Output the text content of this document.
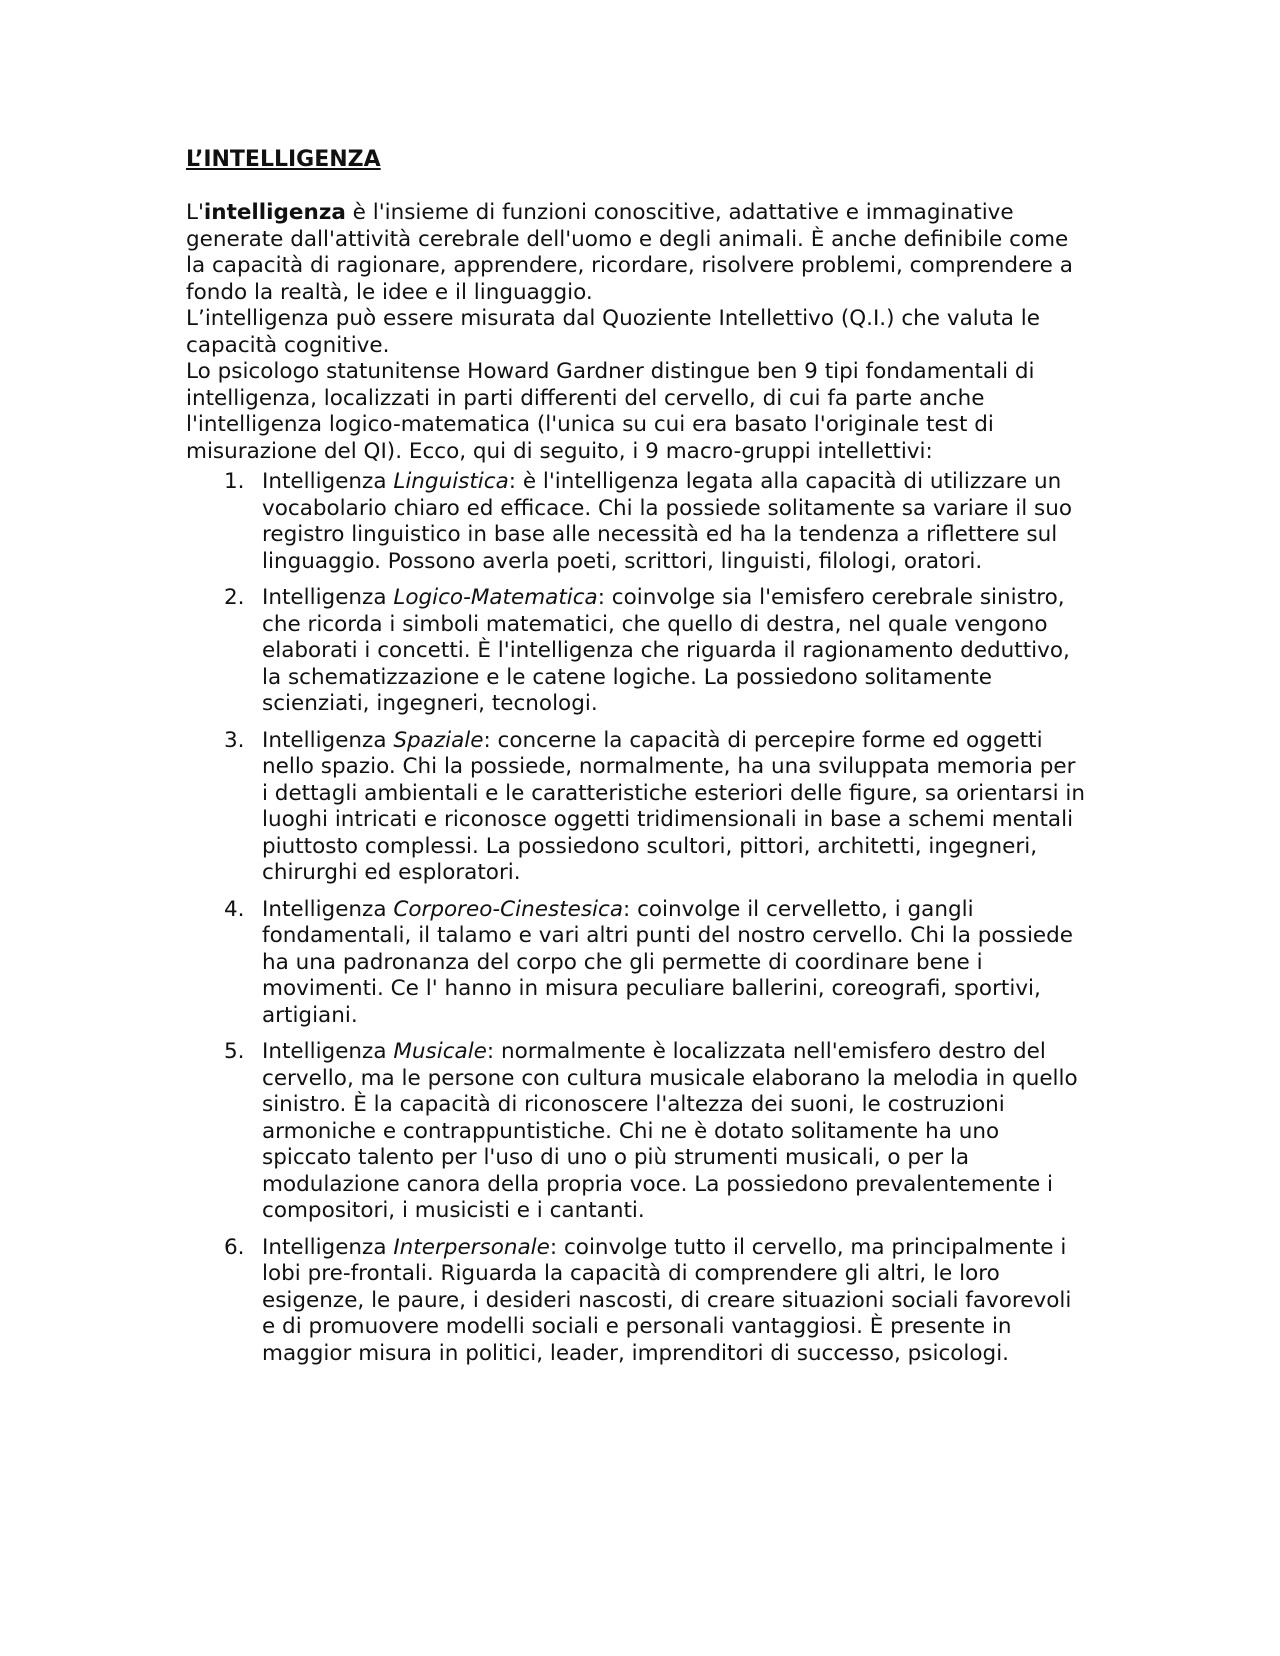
L’INTELLIGENZA

L'intelligenza è l'insieme di funzioni conoscitive, adattative e immaginative generate dall'attività cerebrale dell'uomo e degli animali. È anche definibile come la capacità di ragionare, apprendere, ricordare, risolvere problemi, comprendere a fondo la realtà, le idee e il linguaggio.

L’intelligenza può essere misurata dal Quoziente Intellettivo (Q.I.) che valuta le capacità cognitive.

Lo psicologo statunitense Howard Gardner distingue ben 9 tipi fondamentali di intelligenza, localizzati in parti differenti del cervello, di cui fa parte anche l'intelligenza logico-matematica (l'unica su cui era basato l'originale test di misurazione del QI). Ecco, qui di seguito, i 9 macro-gruppi intellettivi:

1. Intelligenza Linguistica: è l'intelligenza legata alla capacità di utilizzare un vocabolario chiaro ed efficace. Chi la possiede solitamente sa variare il suo registro linguistico in base alle necessità ed ha la tendenza a riflettere sul linguaggio. Possono averla poeti, scrittori, linguisti, filologi, oratori.
2. Intelligenza Logico-Matematica: coinvolge sia l'emisfero cerebrale sinistro, che ricorda i simboli matematici, che quello di destra, nel quale vengono elaborati i concetti. È l'intelligenza che riguarda il ragionamento deduttivo, la schematizzazione e le catene logiche. La possiedono solitamente scienziati, ingegneri, tecnologi.
3. Intelligenza Spaziale: concerne la capacità di percepire forme ed oggetti nello spazio. Chi la possiede, normalmente, ha una sviluppata memoria per i dettagli ambientali e le caratteristiche esteriori delle figure, sa orientarsi in luoghi intricati e riconosce oggetti tridimensionali in base a schemi mentali piuttosto complessi. La possiedono scultori, pittori, architetti, ingegneri, chirurghi ed esploratori.
4. Intelligenza Corporeo-Cinestesica: coinvolge il cervelletto, i gangli fondamentali, il talamo e vari altri punti del nostro cervello. Chi la possiede ha una padronanza del corpo che gli permette di coordinare bene i movimenti. Ce l' hanno in misura peculiare ballerini, coreografi, sportivi, artigiani.
5. Intelligenza Musicale: normalmente è localizzata nell'emisfero destro del cervello, ma le persone con cultura musicale elaborano la melodia in quello sinistro. È la capacità di riconoscere l'altezza dei suoni, le costruzioni armoniche e contrappuntistiche. Chi ne è dotato solitamente ha uno spiccato talento per l'uso di uno o più strumenti musicali, o per la modulazione canora della propria voce. La possiedono prevalentemente i compositori, i musicisti e i cantanti.
6. Intelligenza Interpersonale: coinvolge tutto il cervello, ma principalmente i lobi pre-frontali. Riguarda la capacità di comprendere gli altri, le loro esigenze, le paure, i desideri nascosti, di creare situazioni sociali favorevoli e di promuovere modelli sociali e personali vantaggiosi. È presente in maggior misura in politici, leader, imprenditori di successo, psicologi.
